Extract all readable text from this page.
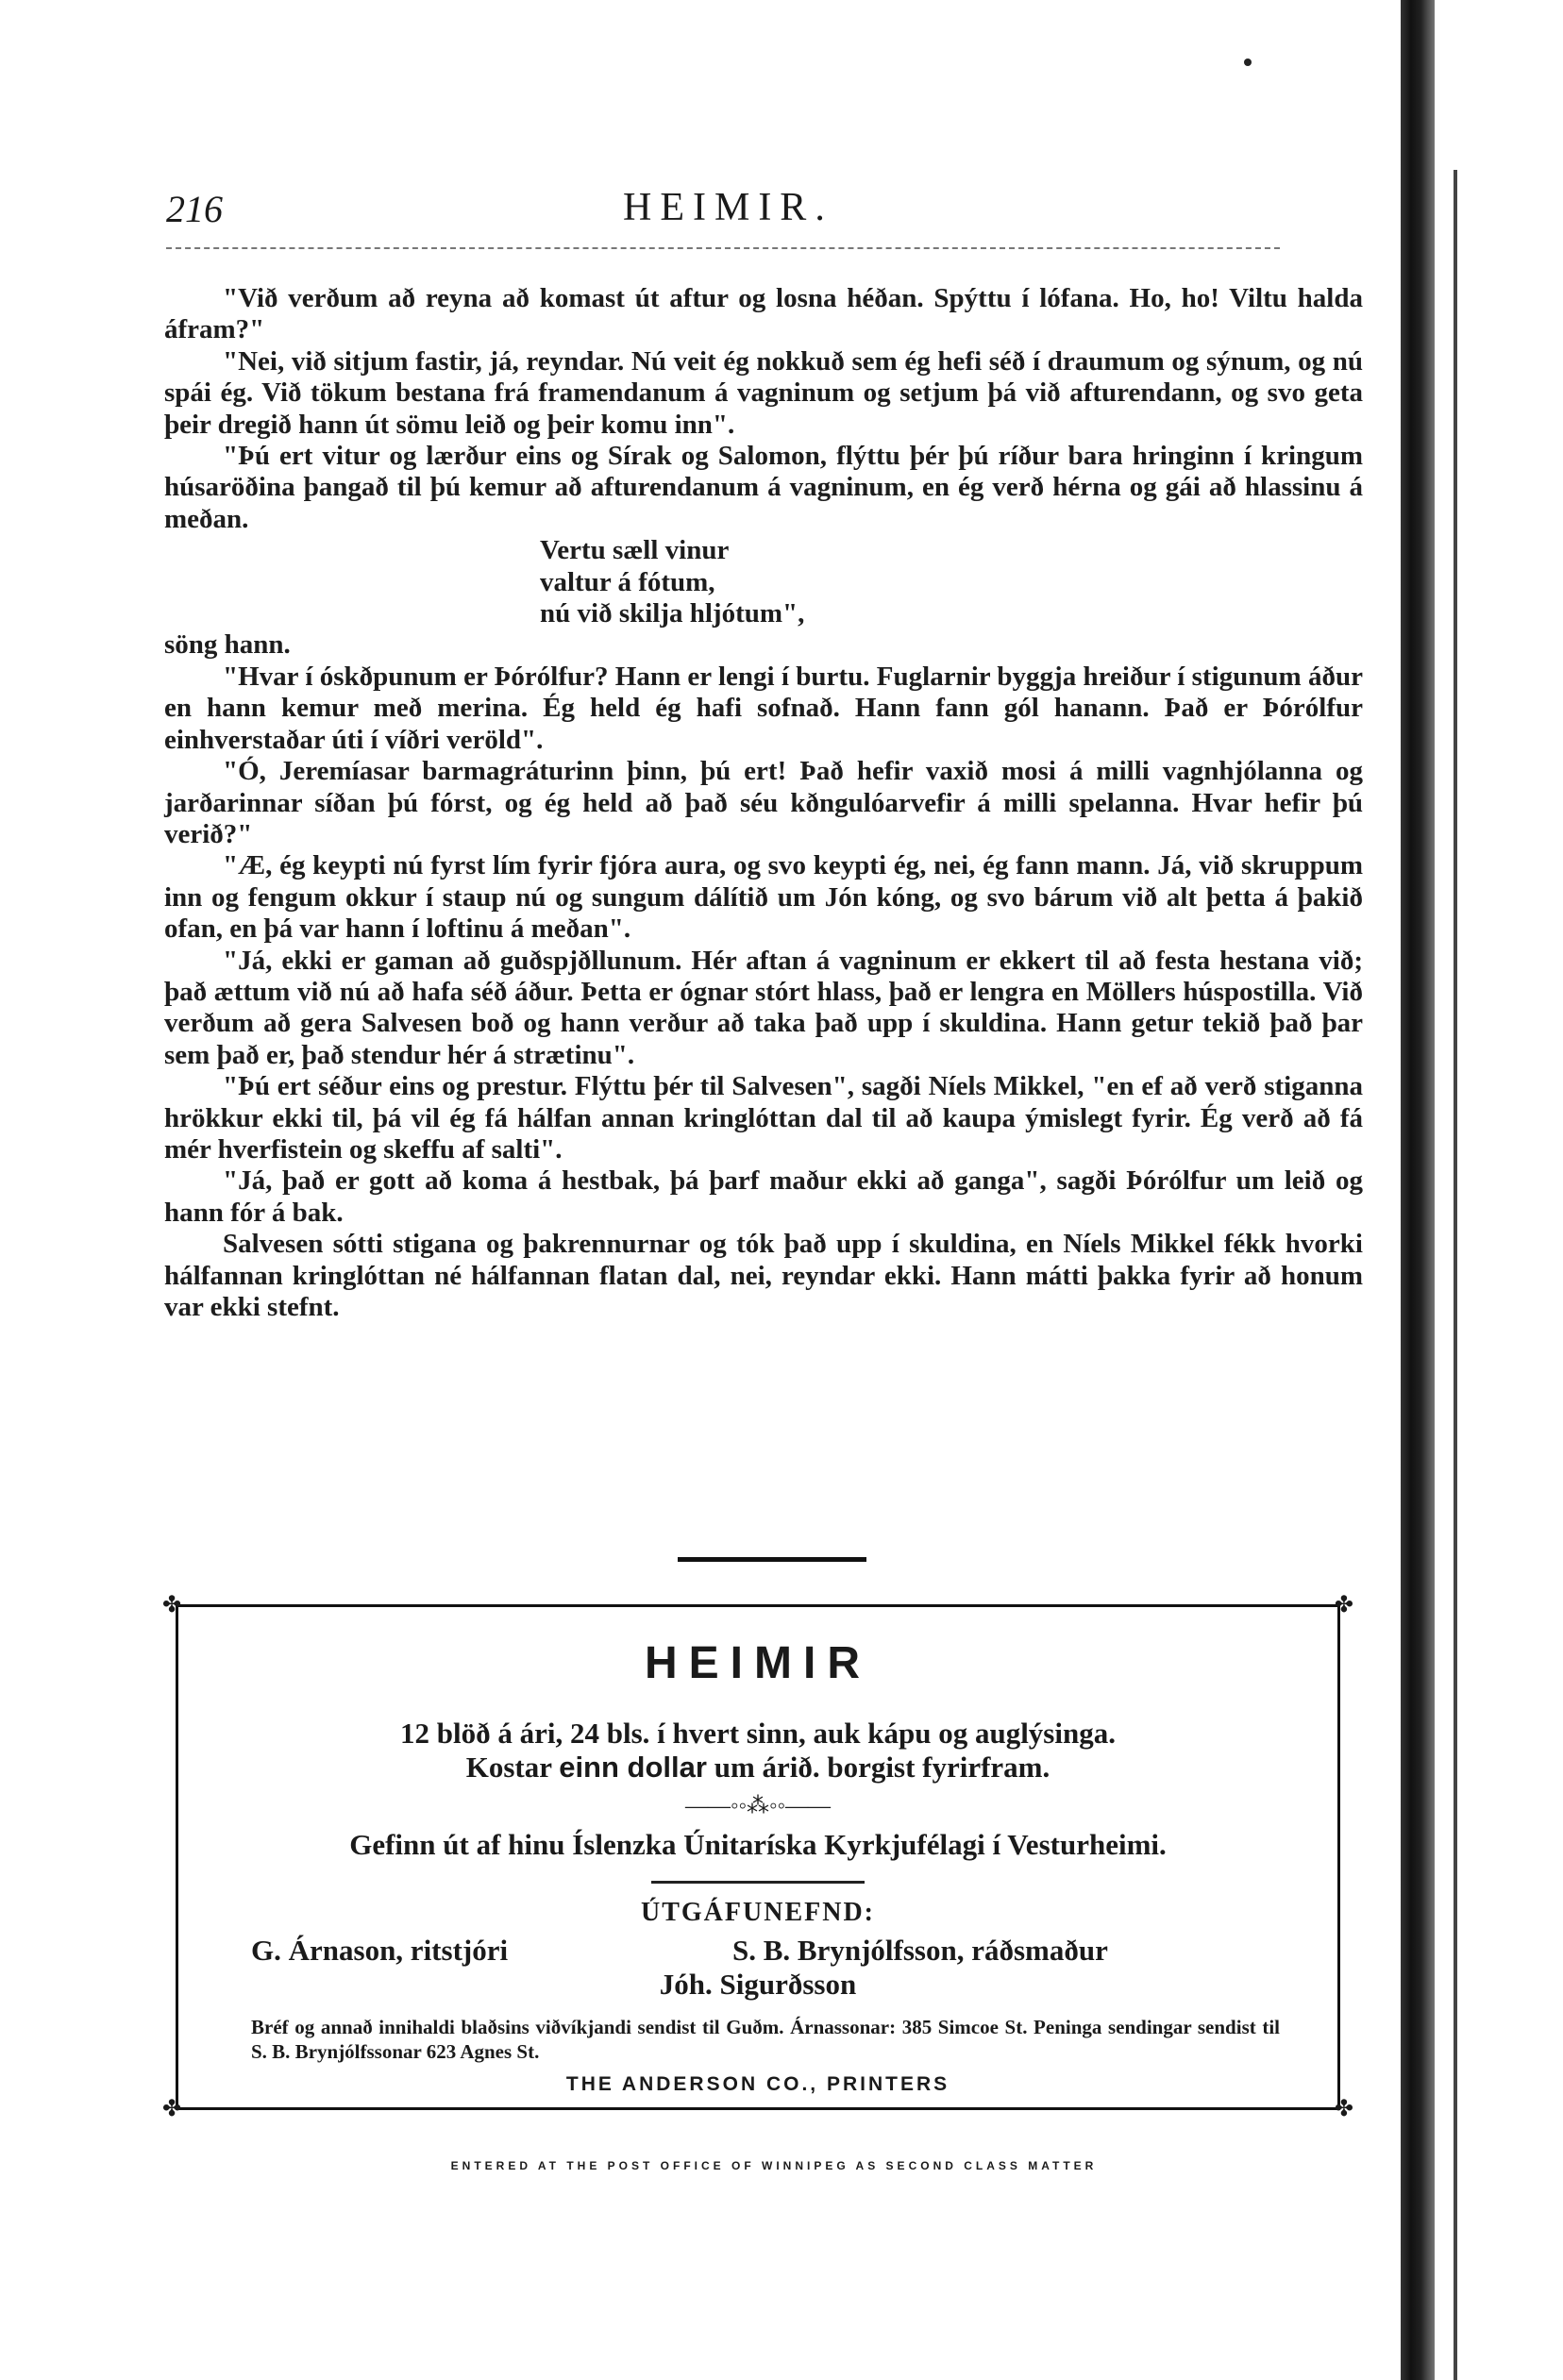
216	HEIMIR.

"Við verðum að reyna að komast út aftur og losna héðan. Spýttu í lófana. Ho, ho! Viltu halda áfram?"

"Nei, við sitjum fastir, já, reyndar. Nú veit ég nokkuð sem ég hefi séð í draumum og sýnum, og nú spái ég. Við tökum bestana frá framendanum á vagninum og setjum þá við afturendann, og svo geta þeir dregið hann út sömu leið og þeir komu inn".

"Þú ert vitur og lærður eins og Sírak og Salomon, flýttu þér þú ríður bara hringinn í kringum húsaröðina þangað til þú kemur að afturendanum á vagninum, en ég verð hérna og gái að hlassinu á meðan.

Vertu sæll vinur
valtur á fótum,
nú við skilja hljótum",

söng hann.

"Hvar í óskðpunum er Þórólfur? Hann er lengi í burtu. Fuglarnir byggja hreiður í stigunum áður en hann kemur með merina. Ég held ég hafi sofnað. Hann fann gól hanann. Það er Þórólfur einhverstaðar úti í víðri veröld".

"Ó, Jeremíasar barmagráturinn þinn, þú ert! Það hefir vaxið mosi á milli vagnhjólanna og jarðarinnar síðan þú fórst, og ég held að það séu kðngulóarvefir á milli spelanna. Hvar hefir þú verið?"

"Æ, ég keypti nú fyrst lím fyrir fjóra aura, og svo keypti ég, nei, ég fann mann. Já, við skruppum inn og fengum okkur í staup nú og sungum dálítið um Jón kóng, og svo bárum við alt þetta á þakið ofan, en þá var hann í loftinu á meðan".

"Já, ekki er gaman að guðspjðllunum. Hér aftan á vagninum er ekkert til að festa hestana við; það ættum við nú að hafa séð áður. Þetta er ógnar stórt hlass, það er lengra en Möllers húspostilla. Við verðum að gera Salvesen boð og hann verður að taka það upp í skuldina. Hann getur tekið það þar sem það er, það stendur hér á strætinu".

"Þú ert séður eins og prestur. Flýttu þér til Salvesen", sagði Níels Mikkel, "en ef að verð stiganna hrökkur ekki til, þá vil ég fá hálfan annan kringlóttan dal til að kaupa ýmislegt fyrir. Ég verð að fá mér hverfistein og skeffu af salti".

"Já, það er gott að koma á hestbak, þá þarf maður ekki að ganga", sagði Þórólfur um leið og hann fór á bak.

Salvesen sótti stigana og þakrennurnar og tók það upp í skuldina, en Níels Mikkel fékk hvorki hálfannan kringlóttan né hálfannan flatan dal, nei, reyndar ekki. Hann mátti þakka fyrir að honum var ekki stefnt.

✤	✤
✤	✤
HEIMIR
12 blöð á ári, 24 bls. í hvert sinn, auk kápu og auglýsinga.
Kostar einn dollar um árið. borgist fyrirfram.
——◦◦⁂◦◦——
Gefinn út af hinu Íslenzka Únitaríska Kyrkjufélagi í Vesturheimi.
ÚTGÁFUNEFND:
G. Árnason, ritstjóri	S. B. Brynjólfsson, ráðsmaður
Jóh. Sigurðsson
Bréf og annað innihaldi blaðsins viðvíkjandi sendist til Guðm. Árnassonar: 385 Simcoe St. Peninga sendingar sendist til S. B. Brynjólfssonar 623 Agnes St.
THE ANDERSON CO., PRINTERS
ENTERED AT THE POST OFFICE OF WINNIPEG AS SECOND CLASS MATTER
